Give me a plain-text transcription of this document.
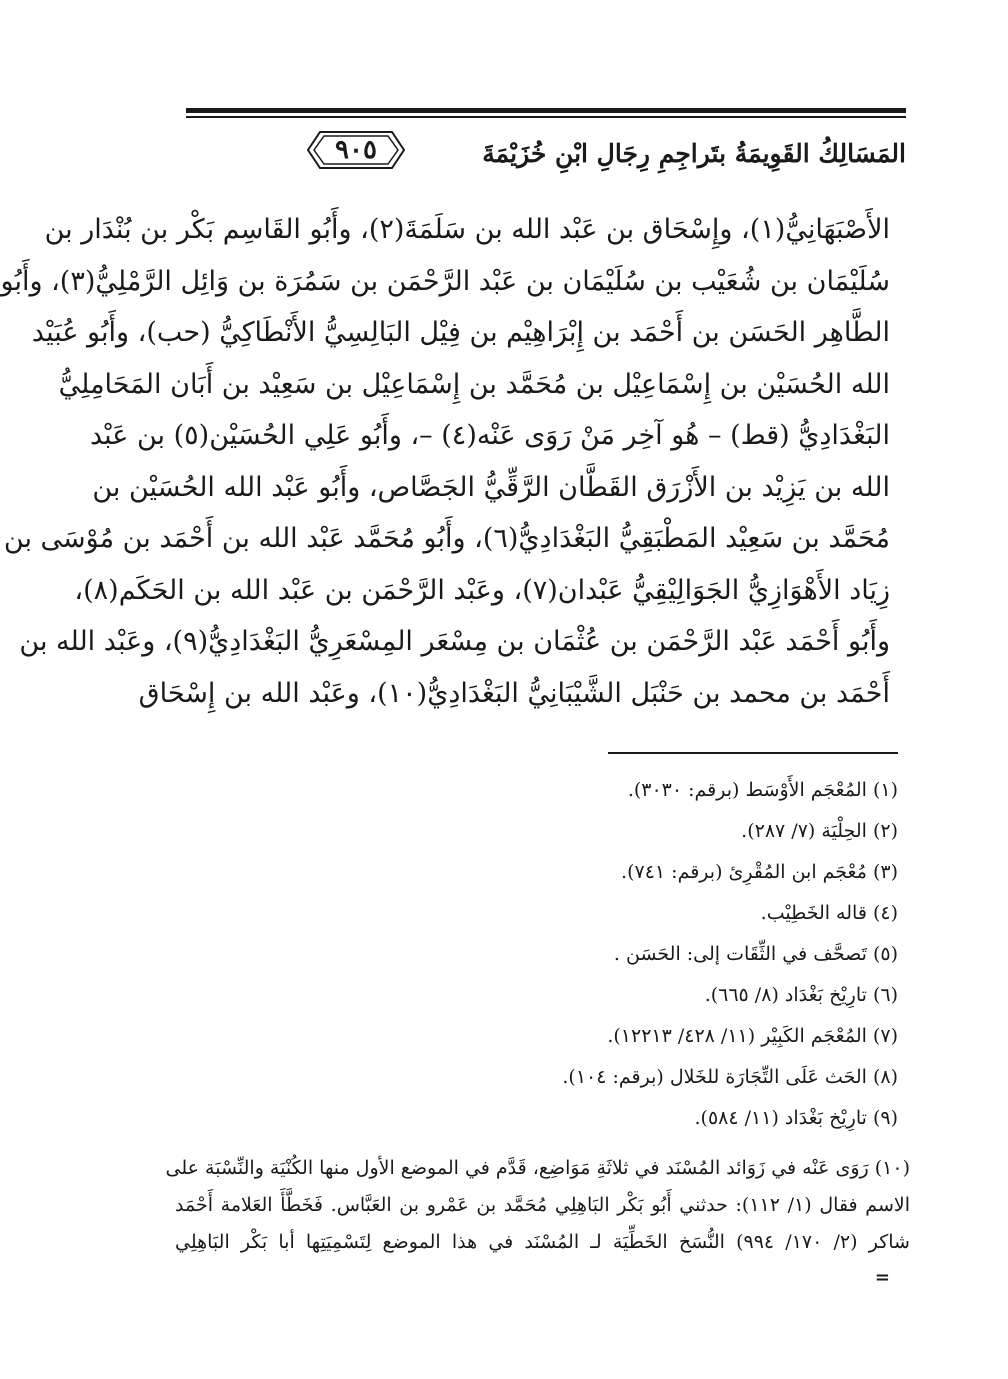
المَسَالِكُ القَوِيمَةُ بتَراجِمِ رِجَالِ ابْنِ خُزَيْمَةَ
٩٠٥
الأَصْبَهَانِيُّ(١)، وإِسْحَاق بن عَبْد الله بن سَلَمَةَ(٢)، وأَبُو القَاسِم بَكْر بن بُنْدَار بن
سُلَيْمَان بن شُعَيْب بن سُلَيْمَان بن عَبْد الرَّحْمَن بن سَمُرَة بن وَائِل الرَّمْلِيُّ(٣)، وأَبُو
الطَّاهِر الحَسَن بن أَحْمَد بن إِبْرَاهِيْم بن فِيْل البَالِسِيُّ الأَنْطَاكِيُّ (حب)، وأَبُو عُبَيْد
الله الحُسَيْن بن إِسْمَاعِيْل بن مُحَمَّد بن إِسْمَاعِيْل بن سَعِيْد بن أَبَان المَحَامِلِيُّ
البَغْدَادِيُّ (قط) – هُو آخِر مَنْ رَوَى عَنْه(٤) –، وأَبُو عَلِي الحُسَيْن(٥) بن عَبْد
الله بن يَزِيْد بن الأَزْرَق القَطَّان الرَّقِّيُّ الجَصَّاص، وأَبُو عَبْد الله الحُسَيْن بن
مُحَمَّد بن سَعِيْد المَطْبَقِيُّ البَغْدَادِيُّ(٦)، وأَبُو مُحَمَّد عَبْد الله بن أَحْمَد بن مُوْسَى بن
زِيَاد الأَهْوَازِيُّ الجَوَالِيْقِيُّ عَبْدان(٧)، وعَبْد الرَّحْمَن بن عَبْد الله بن الحَكَم(٨)،
وأَبُو أَحْمَد عَبْد الرَّحْمَن بن عُثْمَان بن مِسْعَر المِسْعَرِيُّ البَغْدَادِيُّ(٩)، وعَبْد الله بن
أَحْمَد بن محمد بن حَنْبَل الشَّيْبَانِيُّ البَغْدَادِيُّ(١٠)، وعَبْد الله بن إِسْحَاق
(١) المُعْجَم الأَوْسَط (برقم: ٣٠٣٠).
(٢) الحِلْيَة (٧/ ٢٨٧).
(٣) مُعْجَم ابن المُقْرِئ (برقم: ٧٤١).
(٤) قاله الخَطِيْب.
(٥) تَصحَّف في الثِّقَات إلى: الحَسَن .
(٦) تارِيْخ بَغْدَاد (٨/ ٦٦٥).
(٧) المُعْجَم الكَبِيْر (١١/ ٤٢٨/ ١٢٢١٣).
(٨) الحَث عَلَى التِّجَارَة للخَلال (برقم: ١٠٤).
(٩) تارِيْخ بَغْدَاد (١١/ ٥٨٤).
(١٠) رَوَى عَنْه في زَوَائد المُسْنَد في ثلاثَةِ مَوَاضِع، قَدَّم في الموضع الأول منها الكُنْيَة والنِّسْبَة على
الاسم فقال (١/ ١١٢): حدثني أَبُو بَكْر البَاهِلِي مُحَمَّد بن عَمْرو بن العَبَّاس. فَخَطَّأَ العَلامة أَحْمَد
شاكر (٢/ ١٧٠/ ٩٩٤) النُّسَخ الخَطِّيَة لـ المُسْنَد في هذا الموضع لِتَسْمِيَتِها أبا بَكْر البَاهِلِي
=
